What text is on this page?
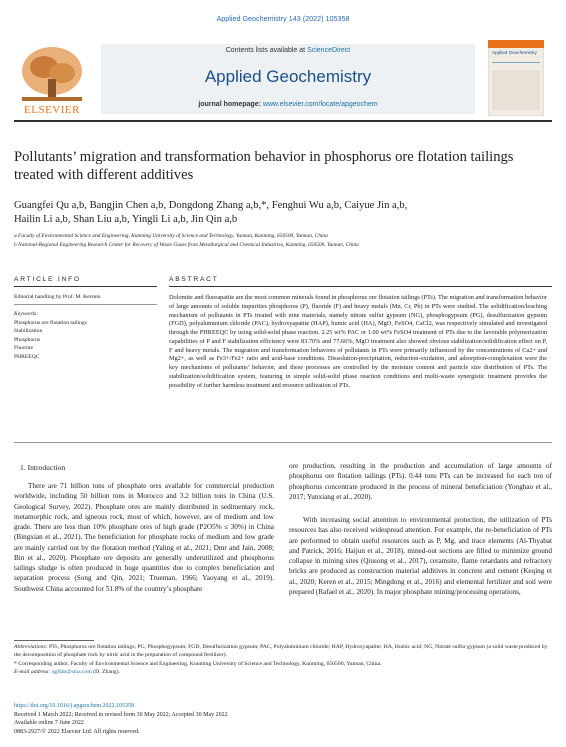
Applied Geochemistry 143 (2022) 105358
ELSEVIER
Contents lists available at ScienceDirect
Applied Geochemistry
journal homepage: www.elsevier.com/locate/apgeochem
Applied Geochemistry
Pollutants’ migration and transformation behavior in phosphorus ore flotation tailings treated with different additives
Guangfei Qu a,b, Bangjin Chen a,b, Dongdong Zhang a,b,*, Fenghui Wu a,b, Caiyue Jin a,b,
Hailin Li a,b, Shan Liu a,b, Yingli Li a,b, Jin Qin a,b
a Faculty of Environmental Science and Engineering, Kunming University of Science and Technology, Yunnan, Kunming, 650500, Yunnan, China
b National-Regional Engineering Research Center for Recovery of Waste Gases from Metallurgical and Chemical Industries, Kunming, 650500, Yunnan, China
ARTICLE INFO
Editorial handling by Prof. M. Kersten
Keywords:
Phosphorus ore flotation tailings
Stabilization
Phosphorus
Fluorine
PHREEQC
ABSTRACT
Dolomite and fluorapatite are the most common minerals found in phosphorus ore flotation tailings (PTs). The migration and transformation behavior of large amounts of soluble impurities phosphorus (P), fluoride (F) and heavy metals (Mn, Cr, Pb) in PTs were studied. The solidification/leaching mechanism of pollutants in PTs treated with nine materials, namely nitrate sulfur gypsum (NG), phosphogypsum (PG), desulfurization gypsum (FGD), polyaluminium chloride (PAC), hydroxyapatite (HAP), humic acid (HA), MgO, FeSO4, CaCl2, was respectively simulated and investigated through the PHREEQC by using solid-solid phase reaction. 2.25 wt% PAC or 1.00 wt% FeSO4 treatment of PTs due to the favorable polymerization capabilities of P and F stabilization efficiency were 83.70% and 77.66%, MgO treatment also showed obvious stabilization/solidification effect on P, F and heavy metals. The migration and transformation behaviors of pollutants in PTs were primarily influenced by the concentrations of Ca2+ and Mg2+, as well as Fe3+/Fe2+ ratio and acid-base conditions. Dissolution-precipitation, reduction-oxidation, and adsorption-complexation were the key mechanisms of pollutants’ behavior, and these processes are controlled by the moisture content and particle size distribution of PTs. The stabilization/solidification system, featuring in simple solid-solid phase reaction conditions and multi-waste synergistic treatment provides the possibility of further harmless treatment and resource utilization of PTs.
1. Introduction
There are 71 billion tons of phosphate ores available for commercial production worldwide, including 50 billion tons in Morocco and 3.2 billion tons in China (U.S. Geological Survey, 2022). Phosphate ores are mainly distributed in sedimentary rock, metamorphic rock, and igneous rock, most of which, however, are of medium and low grade. There are less than 10% phosphate ores of high grade (P2O5% ≤ 30%) in China (Bingxian et al., 2021). The beneficiation for phosphate rocks of medium and low grade are mainly carried out by the flotation method (Yaling et al., 2021; Dmr and Jain, 2008; Bin et al., 2020). Phosphate ore deposits are generally underutilized and phosphorus tailings sludge is often produced in huge quantities due to complex beneficiation and separation process (Song and Qin, 2021; Trueman, 1966; Yaoyang et al., 2019). Southwest China accounted for 51.8% of the country’s phosphate
ore production, resulting in the production and accumulation of large amounts of phosphorus ore flotation tailings (PTs). 0.44 tons PTs can be increased for each ton of phosphorus concentrate produced in the process of mineral beneficiation (Yonghao et al., 2017; Yunxiang et al., 2020).
With increasing social attention to environmental protection, the utilization of PTs resources has also received widespread attention. For example, the re-beneficiation of PTs are performed to obtain useful resources such as P, Mg, and trace elements (Al-Thyabat and Patrick, 2016; Haijun et al., 2018), mined-out sections are filled to minimize ground collapse in mining sites (Qiusong et al., 2017), ceramsite, flame retardants and refractory bricks are produced as construction material additives in concrete and cement (Keqing et al., 2020; Keren et al., 2015; Mingdong et al., 2016) and elemental fertilizer and soil were prepared (Rafael et al., 2020). In major phosphate mining/processing operations,
Abbreviations: PTs, Phosphorus ore flotation tailings; PG, Phosphogypsum; FGD, Desulfurization gypsum; PAC, Polyaluminium chloride; HAP, Hydroxyapatite; HA, Humic acid; NG, Nitrate sulfur gypsum (a solid waste produced by the decomposition of phosphate rock by nitric acid in the preparation of compound fertilizer).
* Corresponding author. Faculty of Environmental Science and Engineering, Kunming University of Science and Technology, Kunming, 650500, Yunnan, China.
E-mail address: qgflab@sina.com (D. Zhang).
https://doi.org/10.1016/j.apgeochem.2022.105358
Received 1 March 2022; Received in revised form 30 May 2022; Accepted 30 May 2022
Available online 7 June 2022
0883-2927/© 2022 Elsevier Ltd. All rights reserved.
